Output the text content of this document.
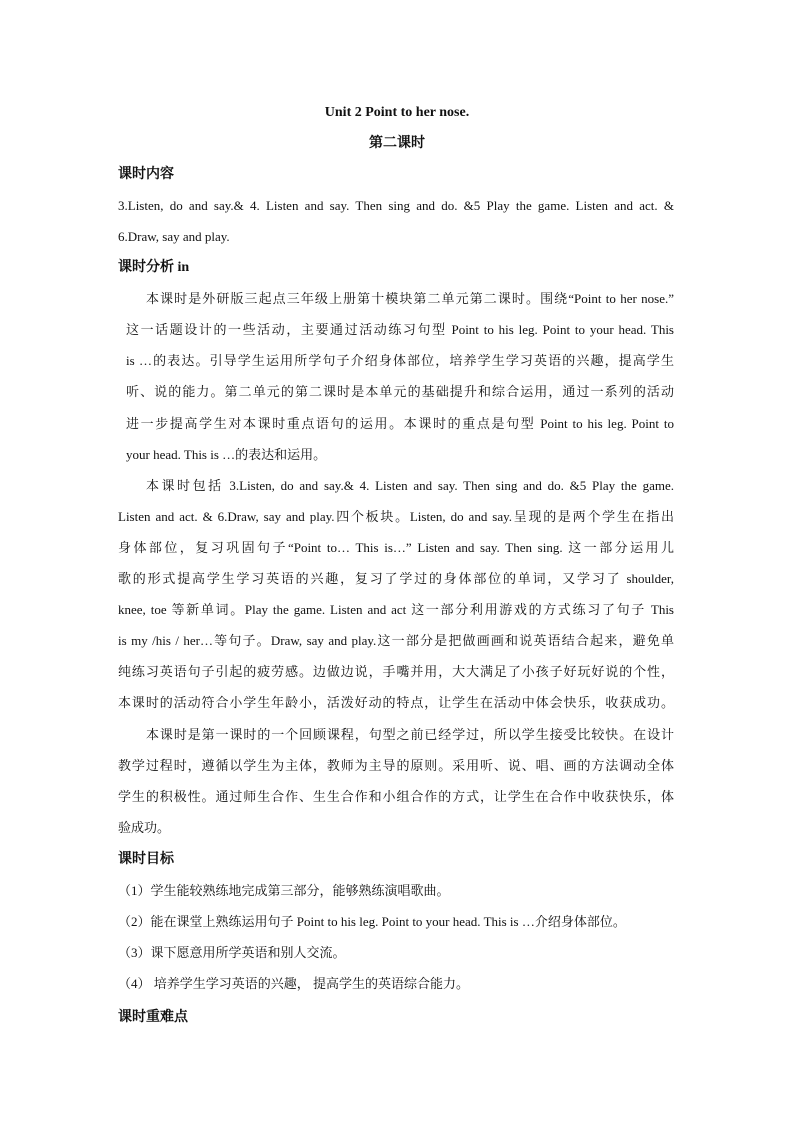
Unit 2 Point to her nose.
第二课时
课时内容
3.Listen, do and say.& 4. Listen and say. Then sing and do. &5 Play the game. Listen and act. &
6.Draw, say and play.
课时分析 in
本课时是外研版三起点三年级上册第十模块第二单元第二课时。围绕“Point to her nose.”
这一话题设计的一些活动，主要通过活动练习句型 Point to his leg. Point to your head. This
is …的表达。引导学生运用所学句子介绍身体部位，培养学生学习英语的兴趣，提高学生
听、说的能力。第二单元的第二课时是本单元的基础提升和综合运用，通过一系列的活动
进一步提高学生对本课时重点语句的运用。本课时的重点是句型 Point to his leg. Point to
your head. This is …的表达和运用。
本课时包括 3.Listen, do and say.& 4. Listen and say. Then sing and do. &5 Play the game.
Listen and act. & 6.Draw, say and play.四个板块。Listen, do and say.呈现的是两个学生在指出
身体部位，复习巩固句子“Point to… This is…” Listen and say. Then sing. 这一部分运用儿
歌的形式提高学生学习英语的兴趣，复习了学过的身体部位的单词，又学习了 shoulder,
knee, toe 等新单词。Play the game. Listen and act 这一部分利用游戏的方式练习了句子 This
is my /his / her…等句子。Draw, say and play.这一部分是把做画画和说英语结合起来，避免单
纯练习英语句子引起的疲劳感。边做边说，手嘴并用，大大满足了小孩子好玩好说的个性，
本课时的活动符合小学生年龄小，活泼好动的特点，让学生在活动中体会快乐，收获成功。
本课时是第一课时的一个回顾课程，句型之前已经学过，所以学生接受比较快。在设计
教学过程时，遵循以学生为主体，教师为主导的原则。采用听、说、唱、画的方法调动全体
学生的积极性。通过师生合作、生生合作和小组合作的方式，让学生在合作中收获快乐，体
验成功。
课时目标
（1）学生能较熟练地完成第三部分，能够熟练演唱歌曲。
（2）能在课堂上熟练运用句子 Point to his leg. Point to your head. This is …介绍身体部位。
（3）课下愿意用所学英语和别人交流。
（4） 培养学生学习英语的兴趣， 提高学生的英语综合能力。
课时重难点
